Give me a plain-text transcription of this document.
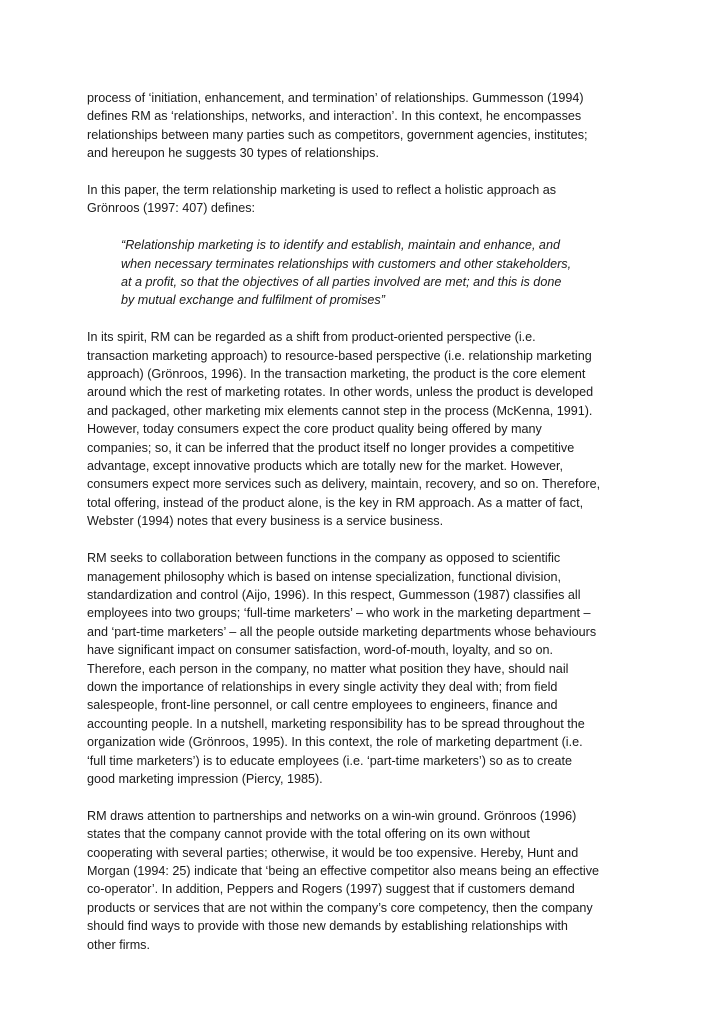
process of ‘initiation, enhancement, and termination’ of relationships. Gummesson (1994)
defines RM as ‘relationships, networks, and interaction’. In this context, he encompasses
relationships between many parties such as competitors, government agencies, institutes;
and hereupon he suggests 30 types of relationships.
In this paper, the term relationship marketing is used to reflect a holistic approach as
Grönroos (1997: 407) defines:
“Relationship marketing is to identify and establish, maintain and enhance, and
when necessary terminates relationships with customers and other stakeholders,
at a profit, so that the objectives of all parties involved are met; and this is done
by mutual exchange and fulfilment of promises”
In its spirit, RM can be regarded as a shift from product-oriented perspective (i.e.
transaction marketing approach) to resource-based perspective (i.e. relationship marketing
approach) (Grönroos, 1996). In the transaction marketing, the product is the core element
around which the rest of marketing rotates. In other words, unless the product is developed
and packaged, other marketing mix elements cannot step in the process (McKenna, 1991).
However, today consumers expect the core product quality being offered by many
companies; so, it can be inferred that the product itself no longer provides a competitive
advantage, except innovative products which are totally new for the market. However,
consumers expect more services such as delivery, maintain, recovery, and so on. Therefore,
total offering, instead of the product alone, is the key in RM approach. As a matter of fact,
Webster (1994) notes that every business is a service business.
RM seeks to collaboration between functions in the company as opposed to scientific
management philosophy which is based on intense specialization, functional division,
standardization and control (Aijo, 1996). In this respect, Gummesson (1987) classifies all
employees into two groups; ‘full-time marketers’ – who work in the marketing department –
and ‘part-time marketers’ – all the people outside marketing departments whose behaviours
have significant impact on consumer satisfaction, word-of-mouth, loyalty, and so on.
Therefore, each person in the company, no matter what position they have, should nail
down the importance of relationships in every single activity they deal with; from field
salespeople, front-line personnel, or call centre employees to engineers, finance and
accounting people. In a nutshell, marketing responsibility has to be spread throughout the
organization wide (Grönroos, 1995). In this context, the role of marketing department (i.e.
‘full time marketers’) is to educate employees (i.e. ‘part-time marketers’) so as to create
good marketing impression (Piercy, 1985).
RM draws attention to partnerships and networks on a win-win ground. Grönroos (1996)
states that the company cannot provide with the total offering on its own without
cooperating with several parties; otherwise, it would be too expensive. Hereby, Hunt and
Morgan (1994: 25) indicate that ‘being an effective competitor also means being an effective
co-operator’. In addition, Peppers and Rogers (1997) suggest that if customers demand
products or services that are not within the company’s core competency, then the company
should find ways to provide with those new demands by establishing relationships with
other firms.
